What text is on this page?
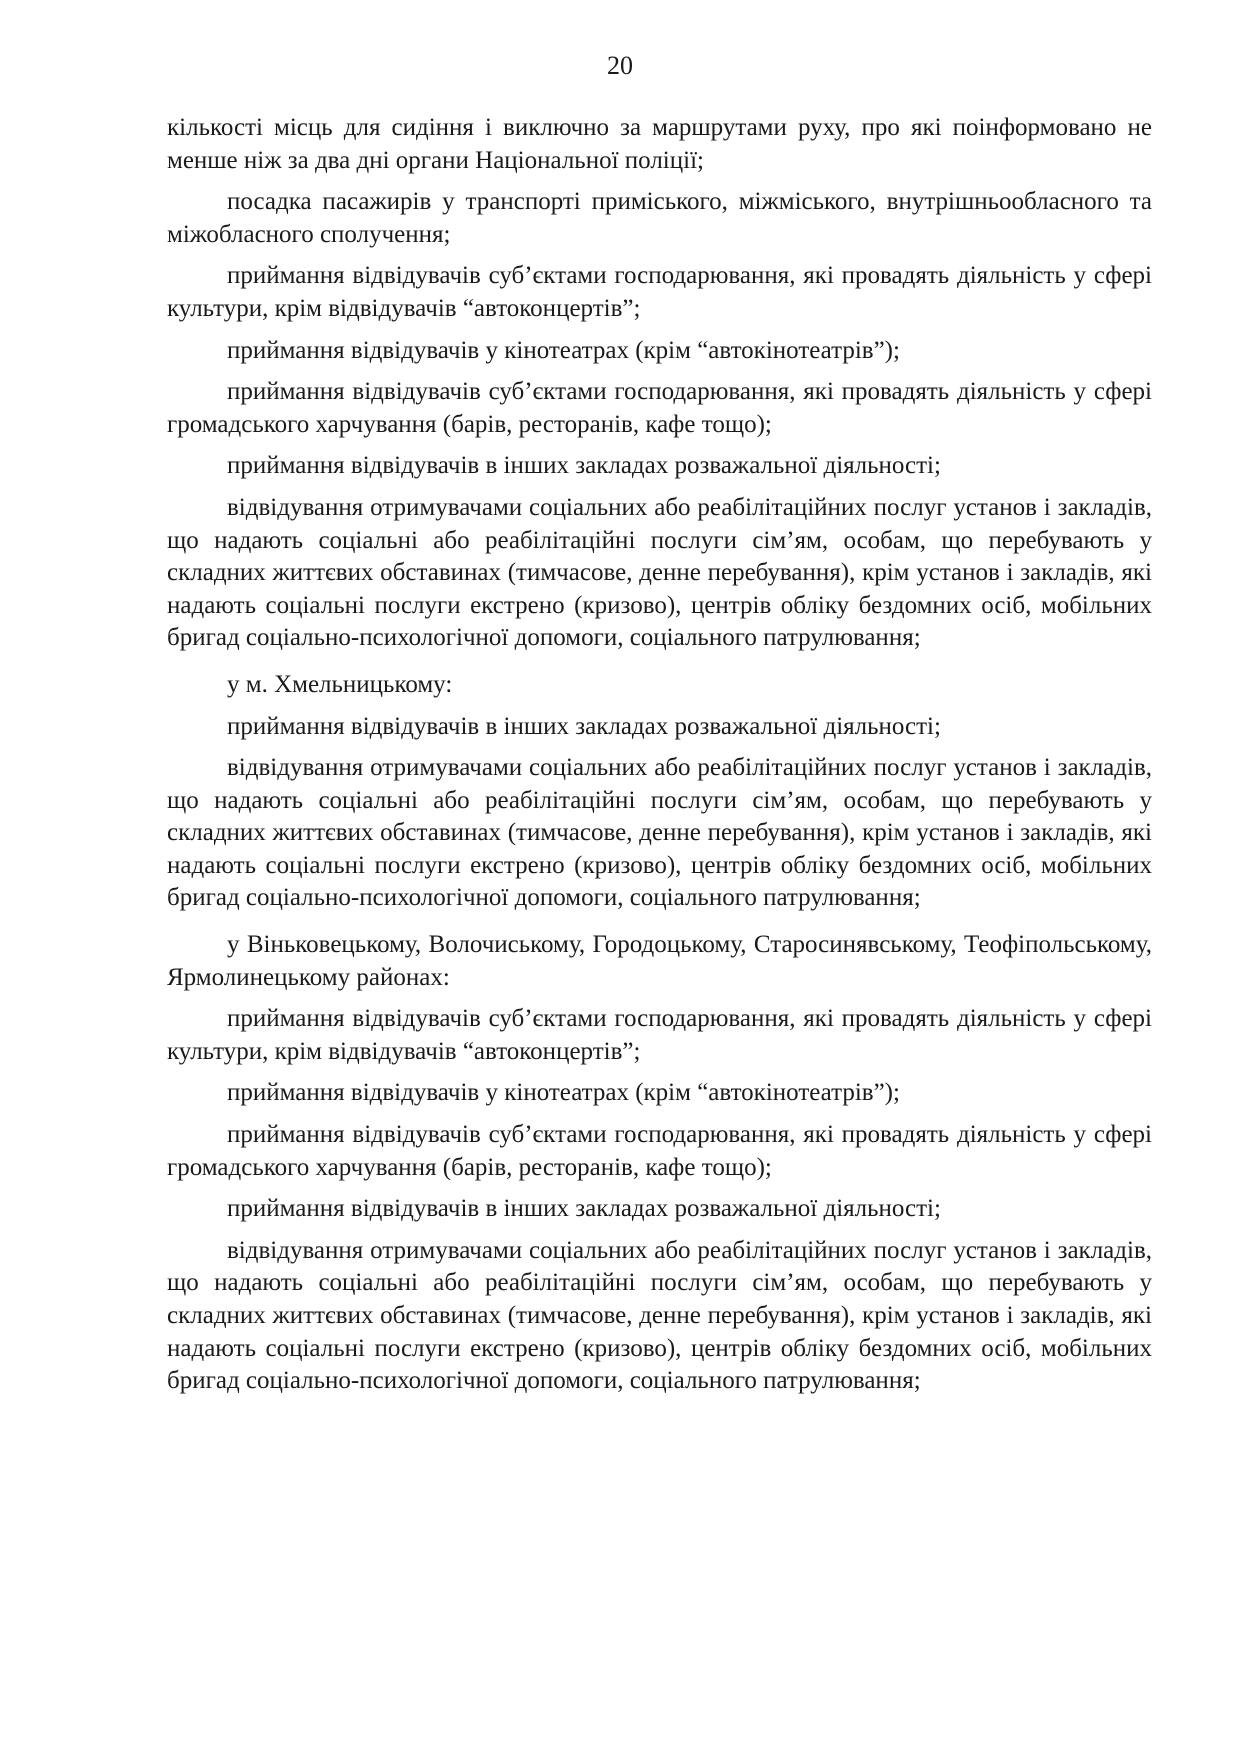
20

кількості місць для сидіння і виключно за маршрутами руху, про які поінформовано не менше ніж за два дні органи Національної поліції;

посадка пасажирів у транспорті приміського, міжміського, внутрішньообласного та міжобласного сполучення;

приймання відвідувачів суб’єктами господарювання, які провадять діяльність у сфері культури, крім відвідувачів “автоконцертів”;

приймання відвідувачів у кінотеатрах (крім “автокінотеатрів”);

приймання відвідувачів суб’єктами господарювання, які провадять діяльність у сфері громадського харчування (барів, ресторанів, кафе тощо);

приймання відвідувачів в інших закладах розважальної діяльності;

відвідування отримувачами соціальних або реабілітаційних послуг установ і закладів, що надають соціальні або реабілітаційні послуги сім’ям, особам, що перебувають у складних життєвих обставинах (тимчасове, денне перебування), крім установ і закладів, які надають соціальні послуги екстрено (кризово), центрів обліку бездомних осіб, мобільних бригад соціально-психологічної допомоги, соціального патрулювання;

у м. Хмельницькому:

приймання відвідувачів в інших закладах розважальної діяльності;

відвідування отримувачами соціальних або реабілітаційних послуг установ і закладів, що надають соціальні або реабілітаційні послуги сім’ям, особам, що перебувають у складних життєвих обставинах (тимчасове, денне перебування), крім установ і закладів, які надають соціальні послуги екстрено (кризово), центрів обліку бездомних осіб, мобільних бригад соціально-психологічної допомоги, соціального патрулювання;

у Віньковецькому, Волочиському, Городоцькому, Старосинявському, Теофіпольському, Ярмолинецькому районах:

приймання відвідувачів суб’єктами господарювання, які провадять діяльність у сфері культури, крім відвідувачів “автоконцертів”;

приймання відвідувачів у кінотеатрах (крім “автокінотеатрів”);

приймання відвідувачів суб’єктами господарювання, які провадять діяльність у сфері громадського харчування (барів, ресторанів, кафе тощо);

приймання відвідувачів в інших закладах розважальної діяльності;

відвідування отримувачами соціальних або реабілітаційних послуг установ і закладів, що надають соціальні або реабілітаційні послуги сім’ям, особам, що перебувають у складних життєвих обставинах (тимчасове, денне перебування), крім установ і закладів, які надають соціальні послуги екстрено (кризово), центрів обліку бездомних осіб, мобільних бригад соціально-психологічної допомоги, соціального патрулювання;
